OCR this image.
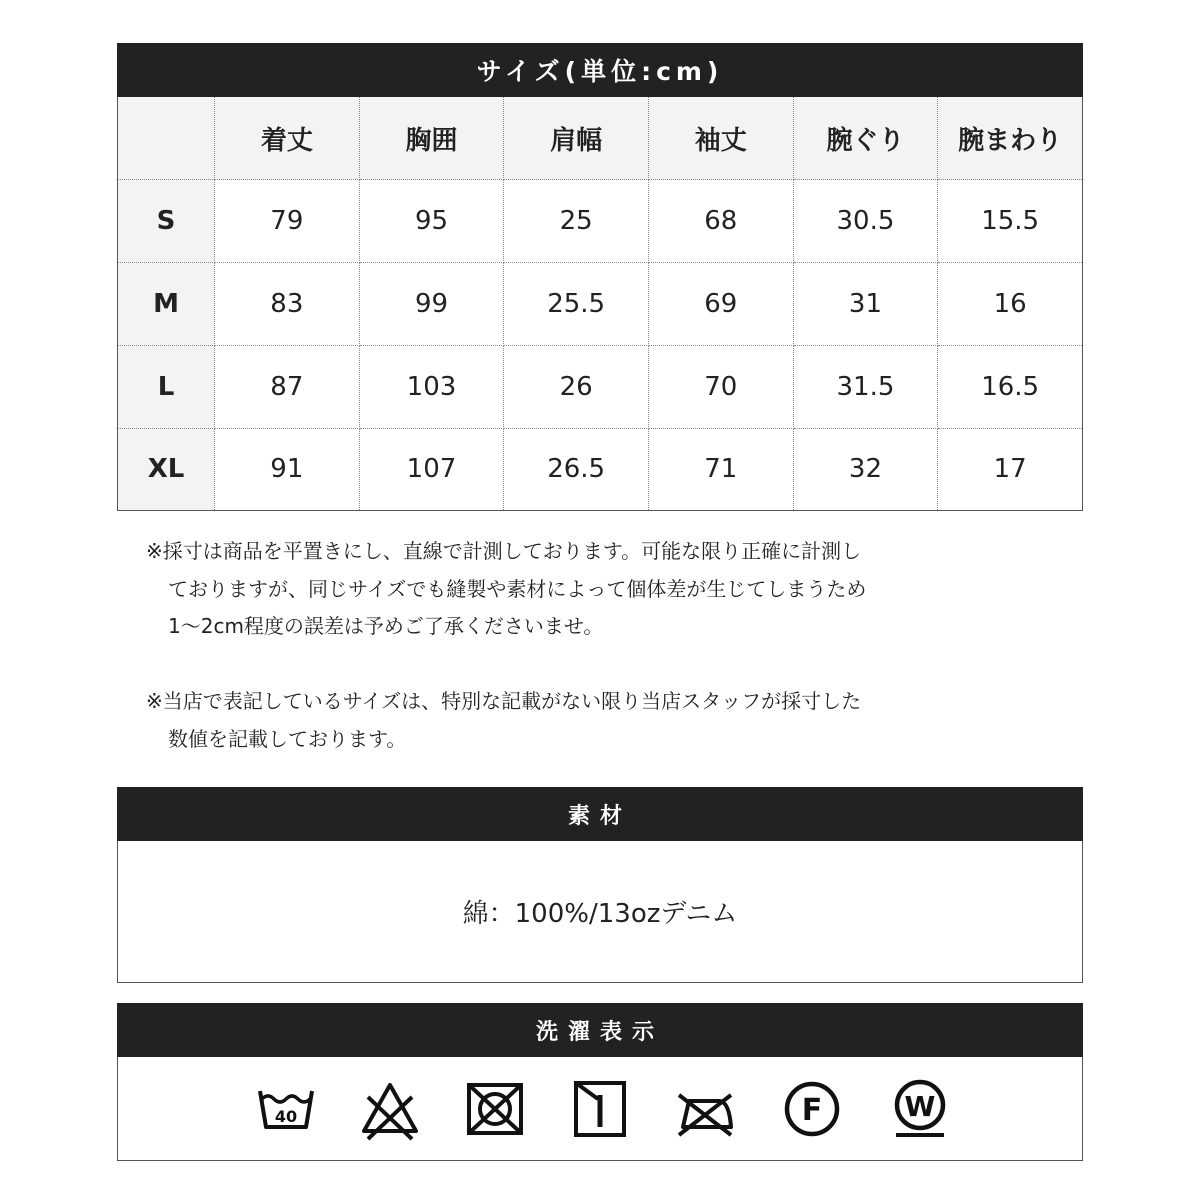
サイズ(単位:cm)
	着丈	胸囲	肩幅	袖丈	腕ぐり	腕まわり
S	79	95	25	68	30.5	15.5
M	83	99	25.5	69	31	16
L	87	103	26	70	31.5	16.5
XL	91	107	26.5	71	32	17
※採寸は商品を平置きにし、直線で計測しております。可能な限り正確に計測し
ておりますが、同じサイズでも縫製や素材によって個体差が生じてしまうため
1〜2cm程度の誤差は予めご了承くださいませ。
※当店で表記しているサイズは、特別な記載がない限り当店スタッフが採寸した
数値を記載しております。
素材
綿：100%/13ozデニム
洗濯表示
40	F	W
